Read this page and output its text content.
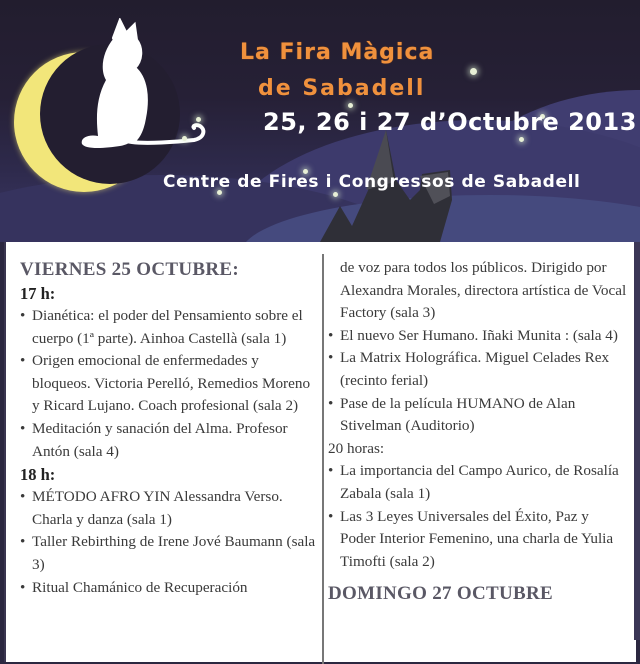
La Fira Màgica
de Sabadell
25, 26 i 27 d’Octubre 2013
Centre de Fires i Congressos de Sabadell
VIERNES 25 OCTUBRE:
17 h:
• Dianética: el poder del Pensamiento sobre el cuerpo (1ª parte). Ainhoa Castellà (sala 1)
• Origen emocional de enfermedades y bloqueos. Victoria Perelló, Remedios Moreno y Ricard Lujano. Coach profesional (sala 2)
• Meditación y sanación del Alma. Profesor Antón (sala 4)
18 h:
• MÉTODO AFRO YIN Alessandra Verso. Charla y danza (sala 1)
• Taller Rebirthing de Irene Jové Baumann (sala 3)
• Ritual Chamánico de Recuperación
de voz para todos los públicos. Dirigido por Alexandra Morales, directora artística de Vocal Factory (sala 3)
• El nuevo Ser Humano. Iñaki Munita : (sala 4)
• La Matrix Holográfica. Miguel Celades Rex (recinto ferial)
• Pase de la película HUMANO de Alan Stivelman (Auditorio)
20 horas:
• La importancia del Campo Aurico, de Rosalía Zabala (sala 1)
• Las 3 Leyes Universales del Éxito, Paz y Poder Interior Femenino, una charla de Yulia Timofti (sala 2)
DOMINGO 27 OCTUBRE
